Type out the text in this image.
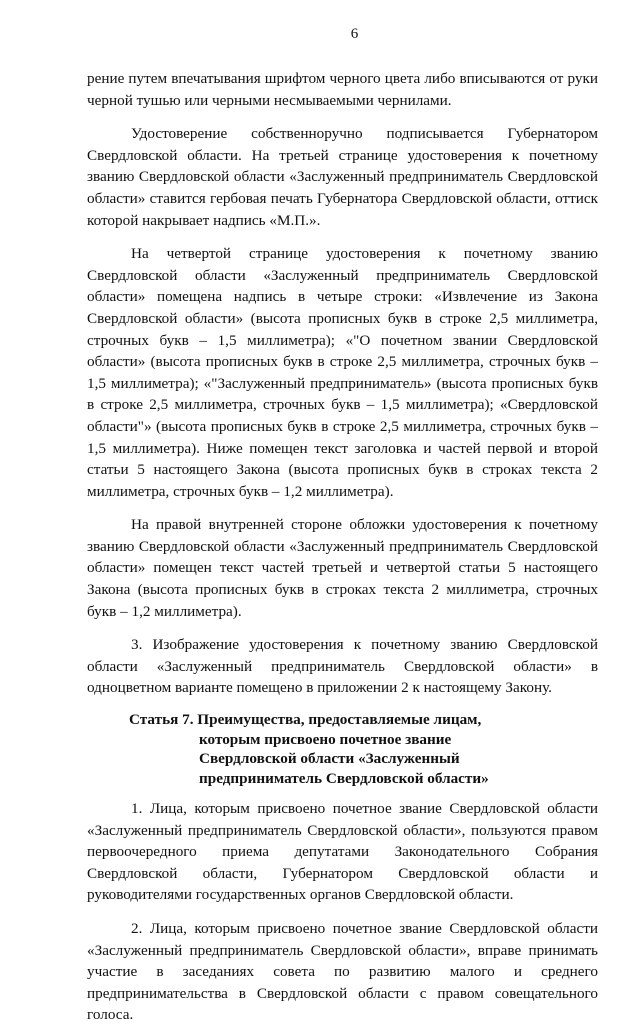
6

рение путем впечатывания шрифтом черного цвета либо вписываются от руки черной тушью или черными несмываемыми чернилами.

Удостоверение собственноручно подписывается Губернатором Свердловской области. На третьей странице удостоверения к почетному званию Свердловской области «Заслуженный предприниматель Свердловской области» ставится гербовая печать Губернатора Свердловской области, оттиск которой накрывает надпись «М.П.».

На четвертой странице удостоверения к почетному званию Свердловской области «Заслуженный предприниматель Свердловской области» помещена надпись в четыре строки: «Извлечение из Закона Свердловской области» (высота прописных букв в строке 2,5 миллиметра, строчных букв – 1,5 миллиметра); «"О почетном звании Свердловской области» (высота прописных букв в строке 2,5 миллиметра, строчных букв – 1,5 миллиметра); «"Заслуженный предприниматель» (высота прописных букв в строке 2,5 миллиметра, строчных букв – 1,5 миллиметра); «Свердловской области"» (высота прописных букв в строке 2,5 миллиметра, строчных букв – 1,5 миллиметра). Ниже помещен текст заголовка и частей первой и второй статьи 5 настоящего Закона (высота прописных букв в строках текста 2 миллиметра, строчных букв – 1,2 миллиметра).

На правой внутренней стороне обложки удостоверения к почетному званию Свердловской области «Заслуженный предприниматель Свердловской области» помещен текст частей третьей и четвертой статьи 5 настоящего Закона (высота прописных букв в строках текста 2 миллиметра, строчных букв – 1,2 миллиметра).

3. Изображение удостоверения к почетному званию Свердловской области «Заслуженный предприниматель Свердловской области» в одноцветном варианте помещено в приложении 2 к настоящему Закону.

Статья 7. Преимущества, предоставляемые лицам,
которым присвоено почетное звание
Свердловской области «Заслуженный
предприниматель Свердловской области»

1. Лица, которым присвоено почетное звание Свердловской области «Заслуженный предприниматель Свердловской области», пользуются правом первоочередного приема депутатами Законодательного Собрания Свердловской области, Губернатором Свердловской области и руководителями государственных органов Свердловской области.

2. Лица, которым присвоено почетное звание Свердловской области «Заслуженный предприниматель Свердловской области», вправе принимать участие в заседаниях совета по развитию малого и среднего предпринимательства в Свердловской области с правом совещательного голоса.
